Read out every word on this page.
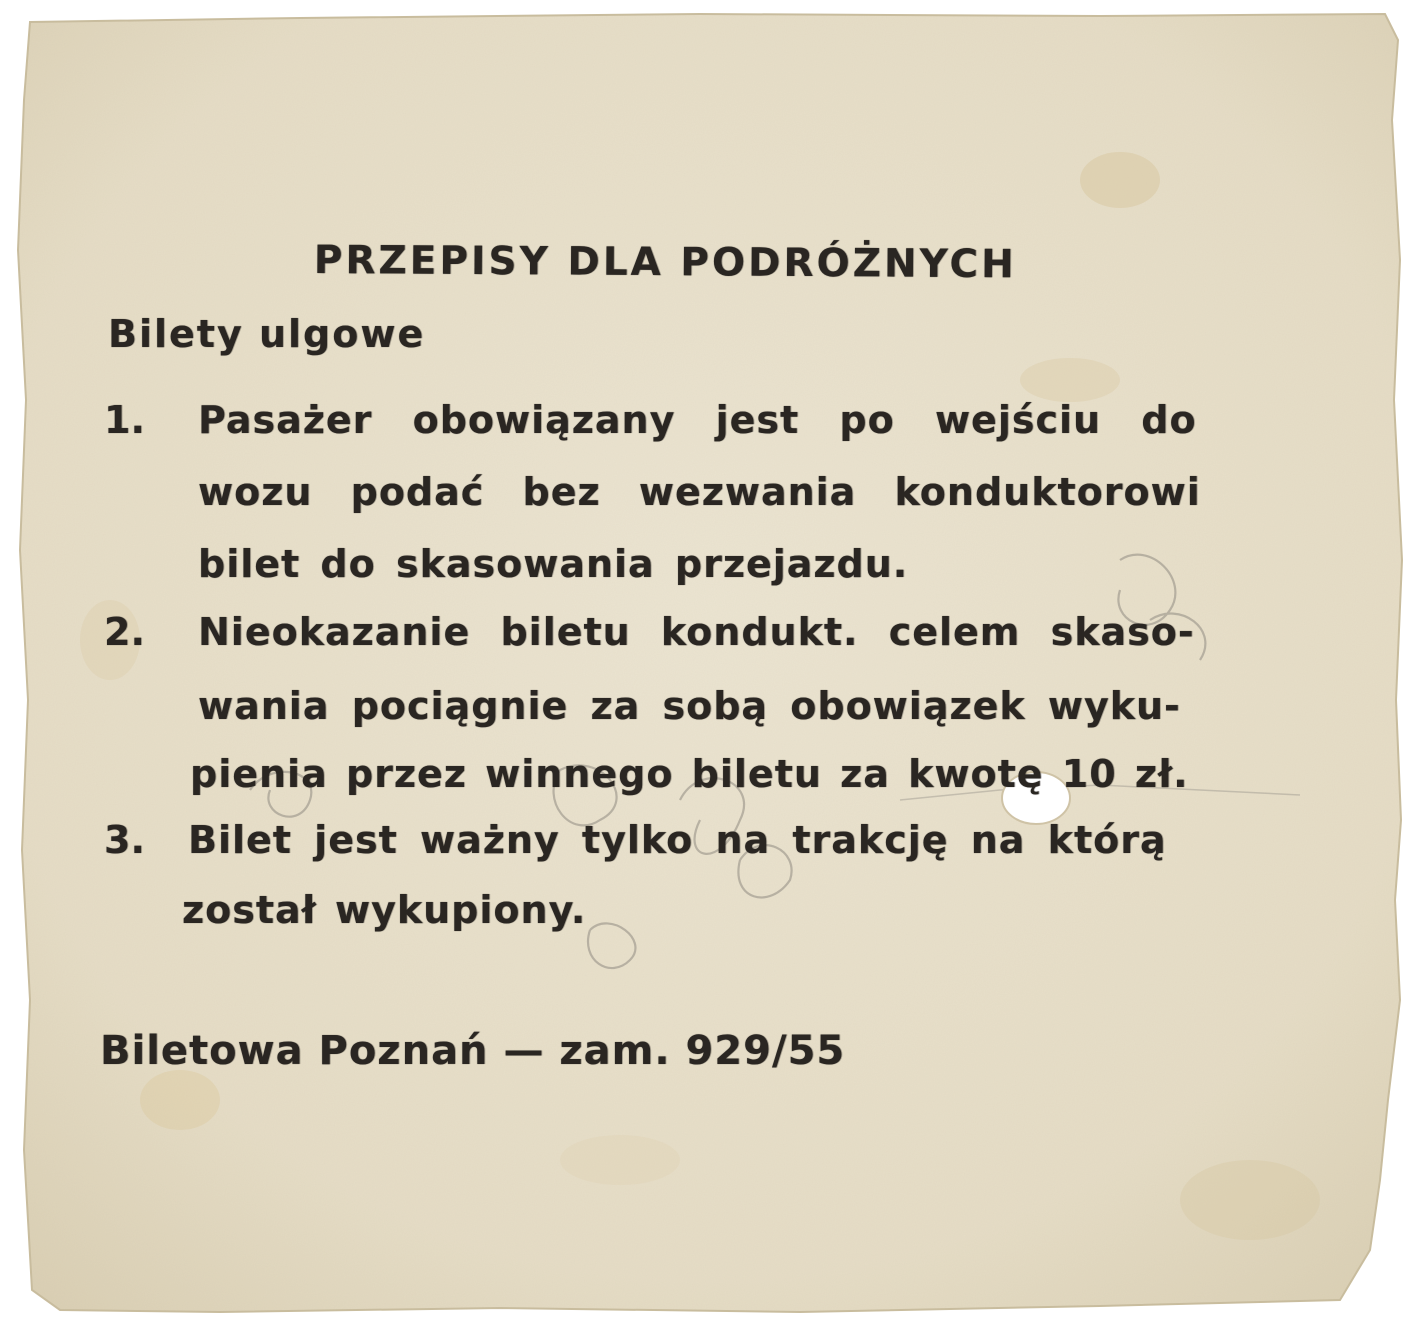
PRZEPISY DLA PODRÓŻNYCH
Bilety ulgowe
1. Pasażer obowiązany jest po wejściu do
wozu podać bez wezwania konduktorowi
bilet do skasowania przejazdu.
2. Nieokazanie biletu kondukt. celem skaso-
wania pociągnie za sobą obowiązek wyku-
pienia przez winnego biletu za kwotę 10 zł.
3. Bilet jest ważny tylko na trakcję na którą
został wykupiony.
Biletowa Poznań — zam. 929/55
